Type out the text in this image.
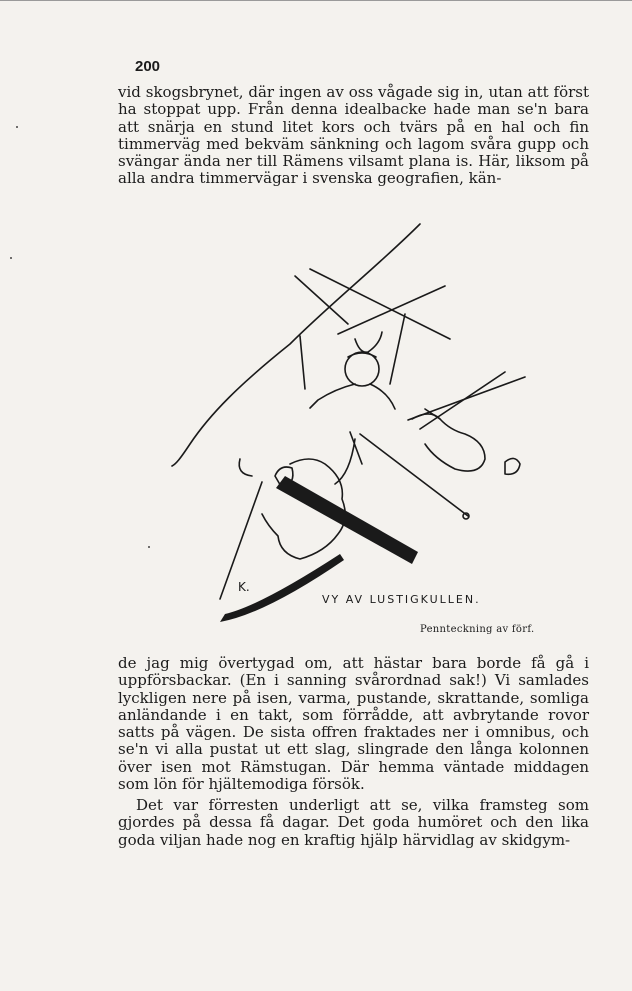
200

vid skogsbrynet, där ingen av oss vågade sig in, utan att först ha stoppat upp. Från denna idealbacke hade man se'n bara att snärja en stund litet kors och tvärs på en hal och fin timmerväg med bekväm sänkning och lagom svåra gupp och svängar ända ner till Rämens vilsamt plana is. Här, liksom på alla andra timmervägar i svenska geografien, kän-

K.
VY AV LUSTIGKULLEN.
Pennteckning av förf.

de jag mig övertygad om, att hästar bara borde få gå i uppförsbackar. (En i sanning svårordnad sak!) Vi samlades lyckligen nere på isen, varma, pustande, skrattande, somliga anländande i en takt, som förrådde, att avbrytande rovor satts på vägen. De sista offren fraktades ner i omnibus, och se'n vi alla pustat ut ett slag, slingrade den långa kolonnen över isen mot Rämstugan. Där hemma väntade middagen som lön för hjältemodiga försök.

Det var förresten underligt att se, vilka framsteg som gjordes på dessa få dagar. Det goda humöret och den lika goda viljan hade nog en kraftig hjälp härvidlag av skidgym-
